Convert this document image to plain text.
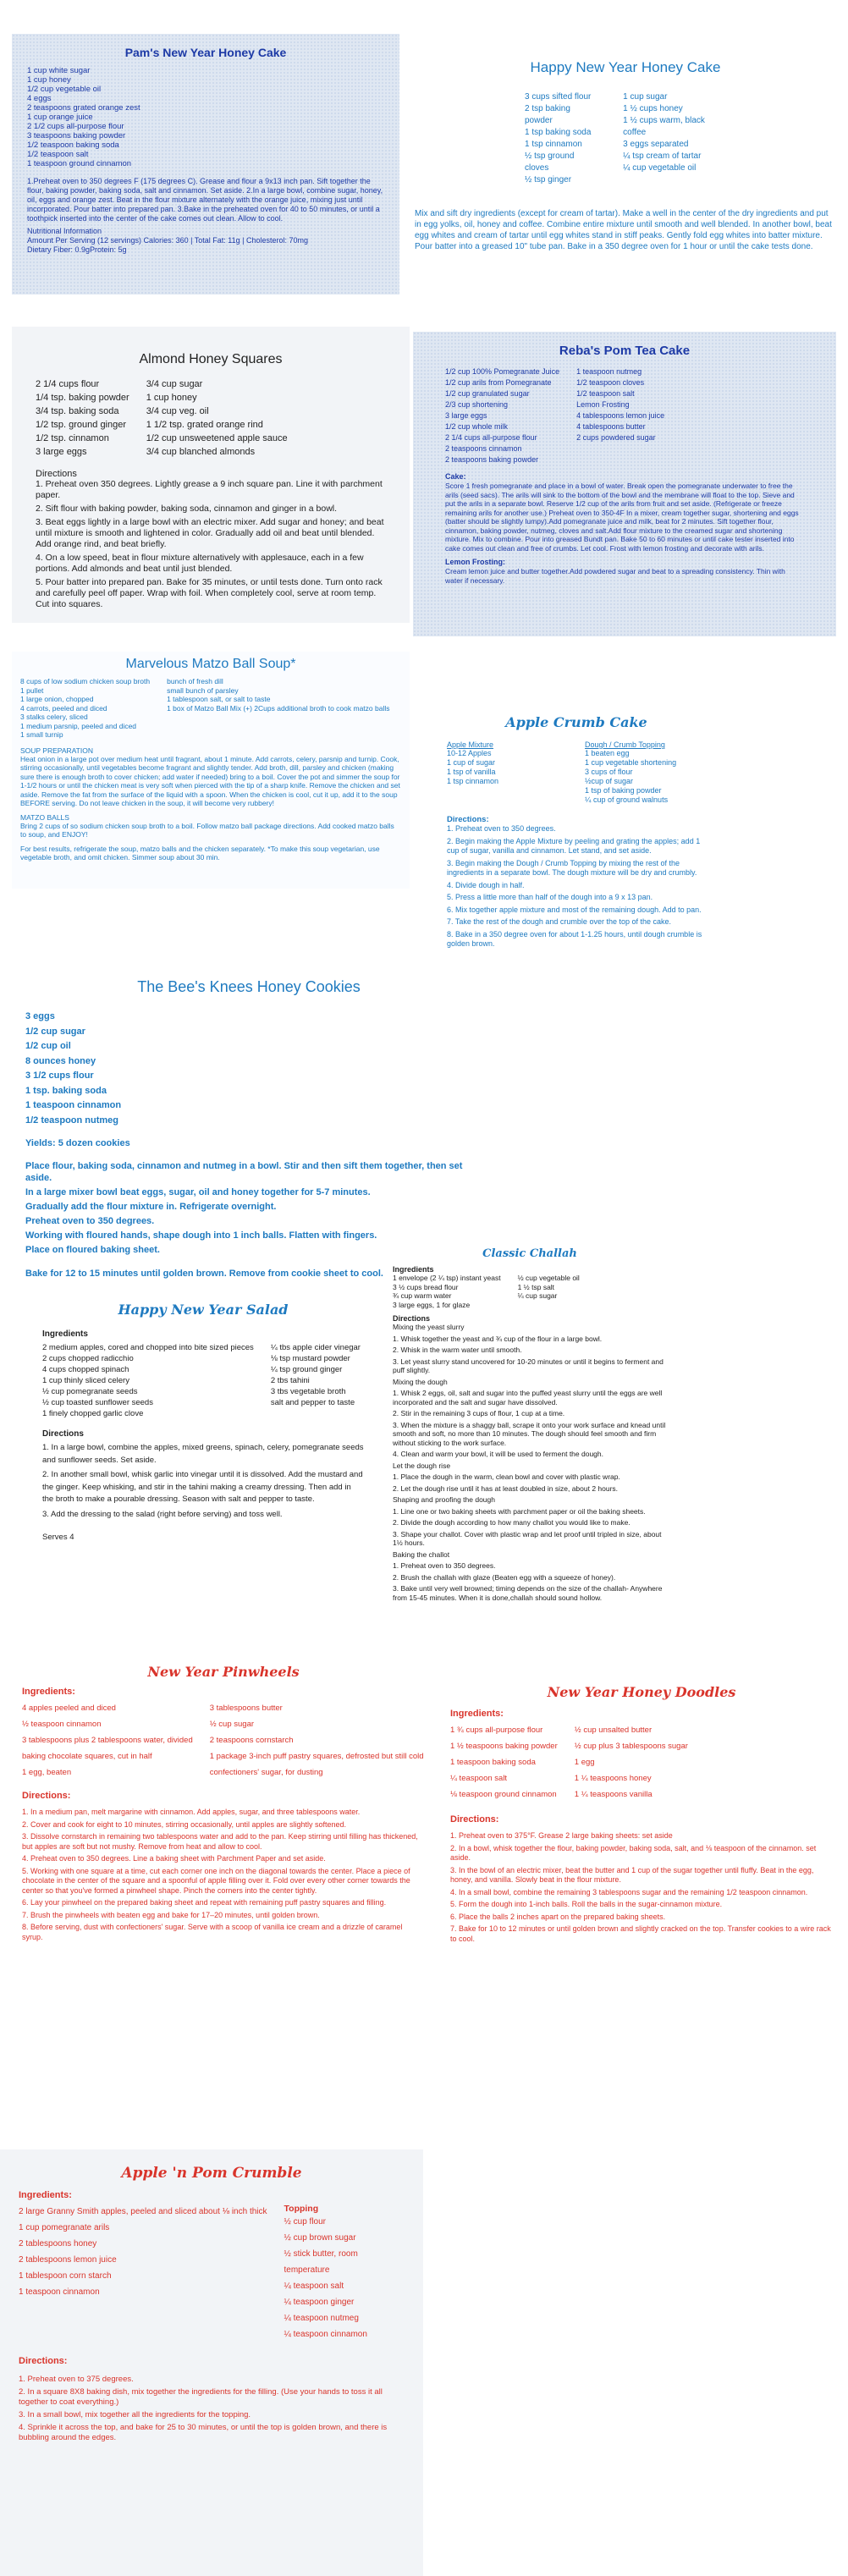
Pam's New Year Honey Cake
1 cup white sugar
1 cup honey
1/2 cup vegetable oil
4 eggs
2 teaspoons grated orange zest
1 cup orange juice
2 1/2 cups all-purpose flour
3 teaspoons baking powder
1/2 teaspoon baking soda
1/2 teaspoon salt
1 teaspoon ground cinnamon

1.Preheat oven to 350 degrees F (175 degrees C). Grease and flour a 9x13 inch pan. Sift together the flour, baking powder, baking soda, salt and cinnamon. Set aside. 2.In a large bowl, combine sugar, honey, oil, eggs and orange zest. Beat in the flour mixture alternately with the orange juice, mixing just until incorporated. Pour batter into prepared pan. 3.Bake in the preheated oven for 40 to 50 minutes, or until a toothpick inserted into the center of the cake comes out clean. Allow to cool.

Nutritional Information
Amount Per Serving (12 servings) Calories: 360 | Total Fat: 11g | Cholesterol: 70mg
Dietary Fiber: 0.9gProtein: 5g

Happy New Year Honey Cake
3 cups sifted flour
2 tsp baking powder
1 tsp baking soda
1 tsp cinnamon
½ tsp ground cloves
½ tsp ginger
1 cup sugar
1 ½ cups honey
1 ½ cups warm, black coffee
3 eggs separated
¼ tsp cream of tartar
¼ cup vegetable oil

Mix and sift dry ingredients (except for cream of tartar). Make a well in the center of the dry ingredients and put in egg yolks, oil, honey and coffee. Combine entire mixture until smooth and well blended. In another bowl, beat egg whites and cream of tartar until egg whites stand in stiff peaks. Gently fold egg whites into batter mixture. Pour batter into a greased 10" tube pan. Bake in a 350 degree oven for 1 hour or until the cake tests done.

Almond Honey Squares
2 1/4 cups flour
1/4 tsp. baking powder
3/4 tsp. baking soda
1/2 tsp. ground ginger
1/2 tsp. cinnamon
3 large eggs
3/4 cup sugar
1 cup honey
3/4 cup veg. oil
1 1/2 tsp. grated orange rind
1/2 cup unsweetened apple sauce
3/4 cup blanched almonds

Directions

1. Preheat oven 350 degrees. Lightly grease a 9 inch square pan. Line it with parchment paper.

2. Sift flour with baking powder, baking soda, cinnamon and ginger in a bowl.

3. Beat eggs lightly in a large bowl with an electric mixer. Add sugar and honey; and beat until mixture is smooth and lightened in color. Gradually add oil and beat until blended. Add orange rind, and beat briefly.

4. On a low speed, beat in flour mixture alternatively with applesauce, each in a few portions. Add almonds and beat until just blended.

5. Pour batter into prepared pan. Bake for 35 minutes, or until tests done. Turn onto rack and carefully peel off paper. Wrap with foil. When completely cool, serve at room temp. Cut into squares.

Reba's Pom Tea Cake
1/2 cup 100% Pomegranate Juice
1/2 cup arils from Pomegranate
1/2 cup granulated sugar
2/3 cup shortening
3 large eggs
1/2 cup whole milk
2 1/4 cups all-purpose flour
2 teaspoons cinnamon
2 teaspoons baking powder
1 teaspoon nutmeg
1/2 teaspoon cloves
1/2 teaspoon salt
Lemon Frosting
4 tablespoons lemon juice
4 tablespoons butter
2 cups powdered sugar

Cake:

Score 1 fresh pomegranate and place in a bowl of water. Break open the pomegranate underwater to free the arils (seed sacs). The arils will sink to the bottom of the bowl and the membrane will float to the top. Sieve and put the arils in a separate bowl. Reserve 1/2 cup of the arils from fruit and set aside. (Refrigerate or freeze remaining arils for another use.) Preheat oven to 350-4F In a mixer, cream together sugar, shortening and eggs (batter should be slightly lumpy).Add pomegranate juice and milk, beat for 2 minutes. Sift together flour, cinnamon, baking powder, nutmeg, cloves and salt.Add flour mixture to the creamed sugar and shortening mixture. Mix to combine. Pour into greased Bundt pan. Bake 50 to 60 minutes or until cake tester inserted into cake comes out clean and free of crumbs. Let cool. Frost with lemon frosting and decorate with arils.

Lemon Frosting:

Cream lemon juice and butter together.Add powdered sugar and beat to a spreading consistency. Thin with water if necessary.

Marvelous Matzo Ball Soup*
8 cups of low sodium chicken soup broth
1 pullet
1 large onion, chopped
4 carrots, peeled and diced
3 stalks celery, sliced
1 medium parsnip, peeled and diced
1 small turnip
bunch of fresh dill
small bunch of parsley
1 tablespoon salt, or salt to taste
1 box of Matzo Ball Mix (+) 2Cups additional broth to cook matzo balls

SOUP PREPARATION

Heat onion in a large pot over medium heat until fragrant, about 1 minute. Add carrots, celery, parsnip and turnip. Cook, stirring occasionally, until vegetables become fragrant and slightly tender. Add broth, dill, parsley and chicken (making sure there is enough broth to cover chicken; add water if needed) bring to a boil. Cover the pot and simmer the soup for 1-1/2 hours or until the chicken meat is very soft when pierced with the tip of a sharp knife. Remove the chicken and set aside. Remove the fat from the surface of the liquid with a spoon. When the chicken is cool, cut it up, add it to the soup BEFORE serving. Do not leave chicken in the soup, it will become very rubbery!

MATZO BALLS

Bring 2 cups of so sodium chicken soup broth to a boil. Follow matzo ball package directions. Add cooked matzo balls to soup, and ENJOY!

For best results, refrigerate the soup, matzo balls and the chicken separately. *To make this soup vegetarian, use vegetable broth, and omit chicken. Simmer soup about 30 min.

Apple Crumb Cake

Apple Mixture

10-12 Apples
1 cup of sugar
1 tsp of vanilla
1 tsp cinnamon

Dough / Crumb Topping

1 beaten egg
1 cup vegetable shortening
3 cups of flour
½cup of sugar
1 tsp of baking powder
¼ cup of ground walnuts

Directions:

1. Preheat oven to 350 degrees.

2. Begin making the Apple Mixture by peeling and grating the apples; add 1 cup of sugar, vanilla and cinnamon. Let stand, and set aside.

3. Begin making the Dough / Crumb Topping by mixing the rest of the ingredients in a separate bowl. The dough mixture will be dry and crumbly.

4. Divide dough in half.

5. Press a little more than half of the dough into a 9 x 13 pan.

6. Mix together apple mixture and most of the remaining dough. Add to pan.

7. Take the rest of the dough and crumble over the top of the cake.

8. Bake in a 350 degree oven for about 1-1.25 hours, until dough crumble is golden brown.

The Bee's Knees Honey Cookies
3 eggs
1/2 cup sugar
1/2 cup oil
8 ounces honey
3 1/2 cups flour
1 tsp. baking soda
1 teaspoon cinnamon
1/2 teaspoon nutmeg

Yields: 5 dozen cookies

Place flour, baking soda, cinnamon and nutmeg in a bowl. Stir and then sift them together, then set aside.

In a large mixer bowl beat eggs, sugar, oil and honey together for 5-7 minutes.

Gradually add the flour mixture in. Refrigerate overnight.

Preheat oven to 350 degrees.

Working with floured hands, shape dough into 1 inch balls. Flatten with fingers.

Place on floured baking sheet.

Bake for 12 to 15 minutes until golden brown. Remove from cookie sheet to cool.

Happy New Year Salad

Ingredients

2 medium apples, cored and chopped into bite sized pieces
2 cups chopped radicchio
4 cups chopped spinach
1 cup thinly sliced celery
½ cup pomegranate seeds
½ cup toasted sunflower seeds
1 finely chopped garlic clove
¼ tbs apple cider vinegar
⅛ tsp mustard powder
¼ tsp ground ginger
2 tbs tahini
3 tbs vegetable broth
salt and pepper to taste

Directions

1. In a large bowl, combine the apples, mixed greens, spinach, celery, pomegranate seeds and sunflower seeds. Set aside.

2. In another small bowl, whisk garlic into vinegar until it is dissolved. Add the mustard and the ginger. Keep whisking, and stir in the tahini making a creamy dressing. Then add in the broth to make a pourable dressing. Season with salt and pepper to taste.

3. Add the dressing to the salad (right before serving) and toss well.

Serves 4

Classic Challah

Ingredients

1 envelope (2 ¼ tsp) instant yeast
3 ½ cups bread flour
¾ cup warm water
3 large eggs, 1 for glaze
½ cup vegetable oil
1 ½ tsp salt
¼ cup sugar

Directions

Mixing the yeast slurry

1. Whisk together the yeast and ¾ cup of the flour in a large bowl.

2. Whisk in the warm water until smooth.

3. Let yeast slurry stand uncovered for 10-20 minutes or until it begins to ferment and puff slightly.

Mixing the dough

1. Whisk 2 eggs, oil, salt and sugar into the puffed yeast slurry until the eggs are well incorporated and the salt and sugar have dissolved.

2. Stir in the remaining 3 cups of flour, 1 cup at a time.

3. When the mixture is a shaggy ball, scrape it onto your work surface and knead until smooth and soft, no more than 10 minutes. The dough should feel smooth and firm without sticking to the work surface.

4. Clean and warm your bowl, it will be used to ferment the dough.

Let the dough rise

1. Place the dough in the warm, clean bowl and cover with plastic wrap.

2. Let the dough rise until it has at least doubled in size, about 2 hours.

Shaping and proofing the dough

1. Line one or two baking sheets with parchment paper or oil the baking sheets.

2. Divide the dough according to how many challot you would like to make.

3. Shape your challot. Cover with plastic wrap and let proof until tripled in size, about 1½ hours.

Baking the challot

1. Preheat oven to 350 degrees.

2. Brush the challah with glaze (Beaten egg with a squeeze of honey).

3. Bake until very well browned; timing depends on the size of the challah- Anywhere from 15-45 minutes. When it is done,challah should sound hollow.

New Year Pinwheels

Ingredients:

4 apples peeled and diced
½ teaspoon cinnamon
3 tablespoons plus 2 tablespoons water, divided
baking chocolate squares, cut in half
1 egg, beaten
3 tablespoons butter
½ cup sugar
2 teaspoons cornstarch
1 package 3-inch puff pastry squares, defrosted but still cold
confectioners' sugar, for dusting

Directions:

1. In a medium pan, melt margarine with cinnamon. Add apples, sugar, and three tablespoons water.

2. Cover and cook for eight to 10 minutes, stirring occasionally, until apples are slightly softened.

3. Dissolve cornstarch in remaining two tablespoons water and add to the pan. Keep stirring until filling has thickened, but apples are soft but not mushy. Remove from heat and allow to cool.

4. Preheat oven to 350 degrees. Line a baking sheet with Parchment Paper and set aside.

5. Working with one square at a time, cut each corner one inch on the diagonal towards the center. Place a piece of chocolate in the center of the square and a spoonful of apple filling over it. Fold over every other corner towards the center so that you've formed a pinwheel shape. Pinch the corners into the center tightly.

6. Lay your pinwheel on the prepared baking sheet and repeat with remaining puff pastry squares and filling.

7. Brush the pinwheels with beaten egg and bake for 17–20 minutes, until golden brown.

8. Before serving, dust with confectioners' sugar. Serve with a scoop of vanilla ice cream and a drizzle of caramel syrup.

New Year Honey Doodles

Ingredients:

1 ¾ cups all-purpose flour
1 ½ teaspoons baking powder
1 teaspoon baking soda
¼ teaspoon salt
⅛ teaspoon ground cinnamon
½ cup unsalted butter
½ cup plus 3 tablespoons sugar
1 egg
1 ¼ teaspoons honey
1 ¼ teaspoons vanilla

Directions:

1. Preheat oven to 375°F. Grease 2 large baking sheets: set aside

2. In a bowl, whisk together the flour, baking powder, baking soda, salt, and ⅛ teaspoon of the cinnamon. set aside.

3. In the bowl of an electric mixer, beat the butter and 1 cup of the sugar together until fluffy. Beat in the egg, honey, and vanilla. Slowly beat in the flour mixture.

4. In a small bowl, combine the remaining 3 tablespoons sugar and the remaining 1/2 teaspoon cinnamon.

5. Form the dough into 1-inch balls. Roll the balls in the sugar-cinnamon mixture.

6. Place the balls 2 inches apart on the prepared baking sheets.

7. Bake for 10 to 12 minutes or until golden brown and slightly cracked on the top. Transfer cookies to a wire rack to cool.

Apple 'n Pom Crumble

Ingredients:

2 large Granny Smith apples, peeled and sliced about ⅛ inch thick
1 cup pomegranate arils
2 tablespoons honey
2 tablespoons lemon juice
1 tablespoon corn starch
1 teaspoon cinnamon

Topping

½ cup flour
½ cup brown sugar
½ stick butter, room temperature
¼ teaspoon salt
¼ teaspoon ginger
¼ teaspoon nutmeg
¼ teaspoon cinnamon

Directions:

1. Preheat oven to 375 degrees.

2. In a square 8X8 baking dish, mix together the ingredients for the filling. (Use your hands to toss it all together to coat everything.)

3. In a small bowl, mix together all the ingredients for the topping.

4. Sprinkle it across the top, and bake for 25 to 30 minutes, or until the top is golden brown, and there is bubbling around the edges.
